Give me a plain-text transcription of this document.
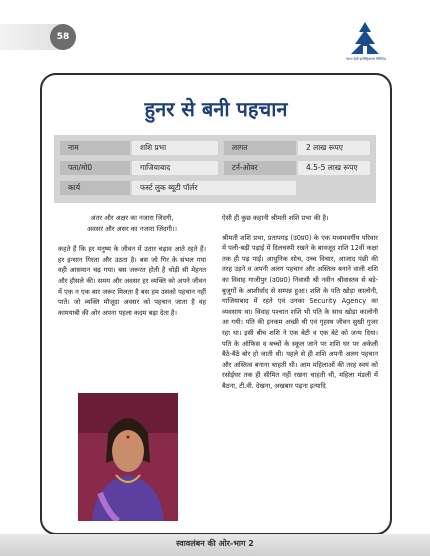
58
भारत हैवी इलेक्ट्रिकल्स लिमिटेड
हुनर से बनी पहचान
नाम	शशि प्रभा	लागत	2 लाख रूपए
पता/मो0	गाजियाबाद	टर्न-ओवर	4.5-5 लाख रूपए
कार्य	फर्स्ट लुक ब्यूटी पॉर्लर
अंतर और अक्षर का नजारा जिंदगी,
अवसर और असर का नजारा जिंदगी।।

कहते हैं कि हर मनुष्य के जीवन में उतार चढ़ाव आते रहते हैं। हर इन्सान गिरता और उठता है। बस जो गिर के संभल गया वही आसमान चढ़ गया। बस जरूरत होती है थोड़ी सी मेहनत और हौसले की। समय और अवसर हर व्यक्ति को अपने जीवन में एक न एक बार जरूर मिलता है बस हम उसको पहचान नहीं पाते। जो व्यक्ति मौजूदा अवसर को पहचान जाता है वह कामयाबी की ओर अपना पहला कदम बढ़ा देता है।

ऐसी ही कुछ कहानी श्रीमती शशि प्रभा की है।

श्रीमती शशि प्रभा, प्रतापगढ़ (उ0प्र0) के एक मध्यमवर्गीय परिवार में पली-बढ़ी पढ़ाई में दिलचस्पी रखने के बावजूद शशि 12वीं कक्षा तक ही पढ़ पाईं। आधुनिक सोच, उच्च विचार, आजाद पंछी की तरह उड़ने व अपनी अलग पहचान और अस्तित्व बनाने वाली शशि का विवाह गाजीपुर (उ0प्र0) निवासी श्री नवीन श्रीवास्तव से बड़े-बुजुर्गों के आशीर्वाद से सम्पन्न हुआ। शशि के पति खोड़ा कालोनी, गाजियाबाद में रहते एवं उनका Security Agency का व्यवसाय था। विवाह पश्चात शशि भी पति के साथ खोड़ा कालोनी आ गयी। पति की इनकम अच्छी थी एवं गृहस्थ जीवन सुखी गुजर रहा था। इसी बीच शशि ने एक बेटी व एक बेटे को जन्म दिया। पति के ऑफिस व बच्चों के स्कूल जाने पर शशि घर पर अकेली बैठे-बैठे बोर हो जाती थी। पहले से ही शशि अपनी अलग पहचान और अस्तित्व बनाना चाहती थी। आम महिलाओं की तरह स्वयं को रसोईघर तक ही सीमित नहीं रखना चाहती थी, महिला मंडली में बैठना, टी.वी. देखना, अखबार पढ़ना इत्यादि

स्वावलंबन की ओर-भाग 2
